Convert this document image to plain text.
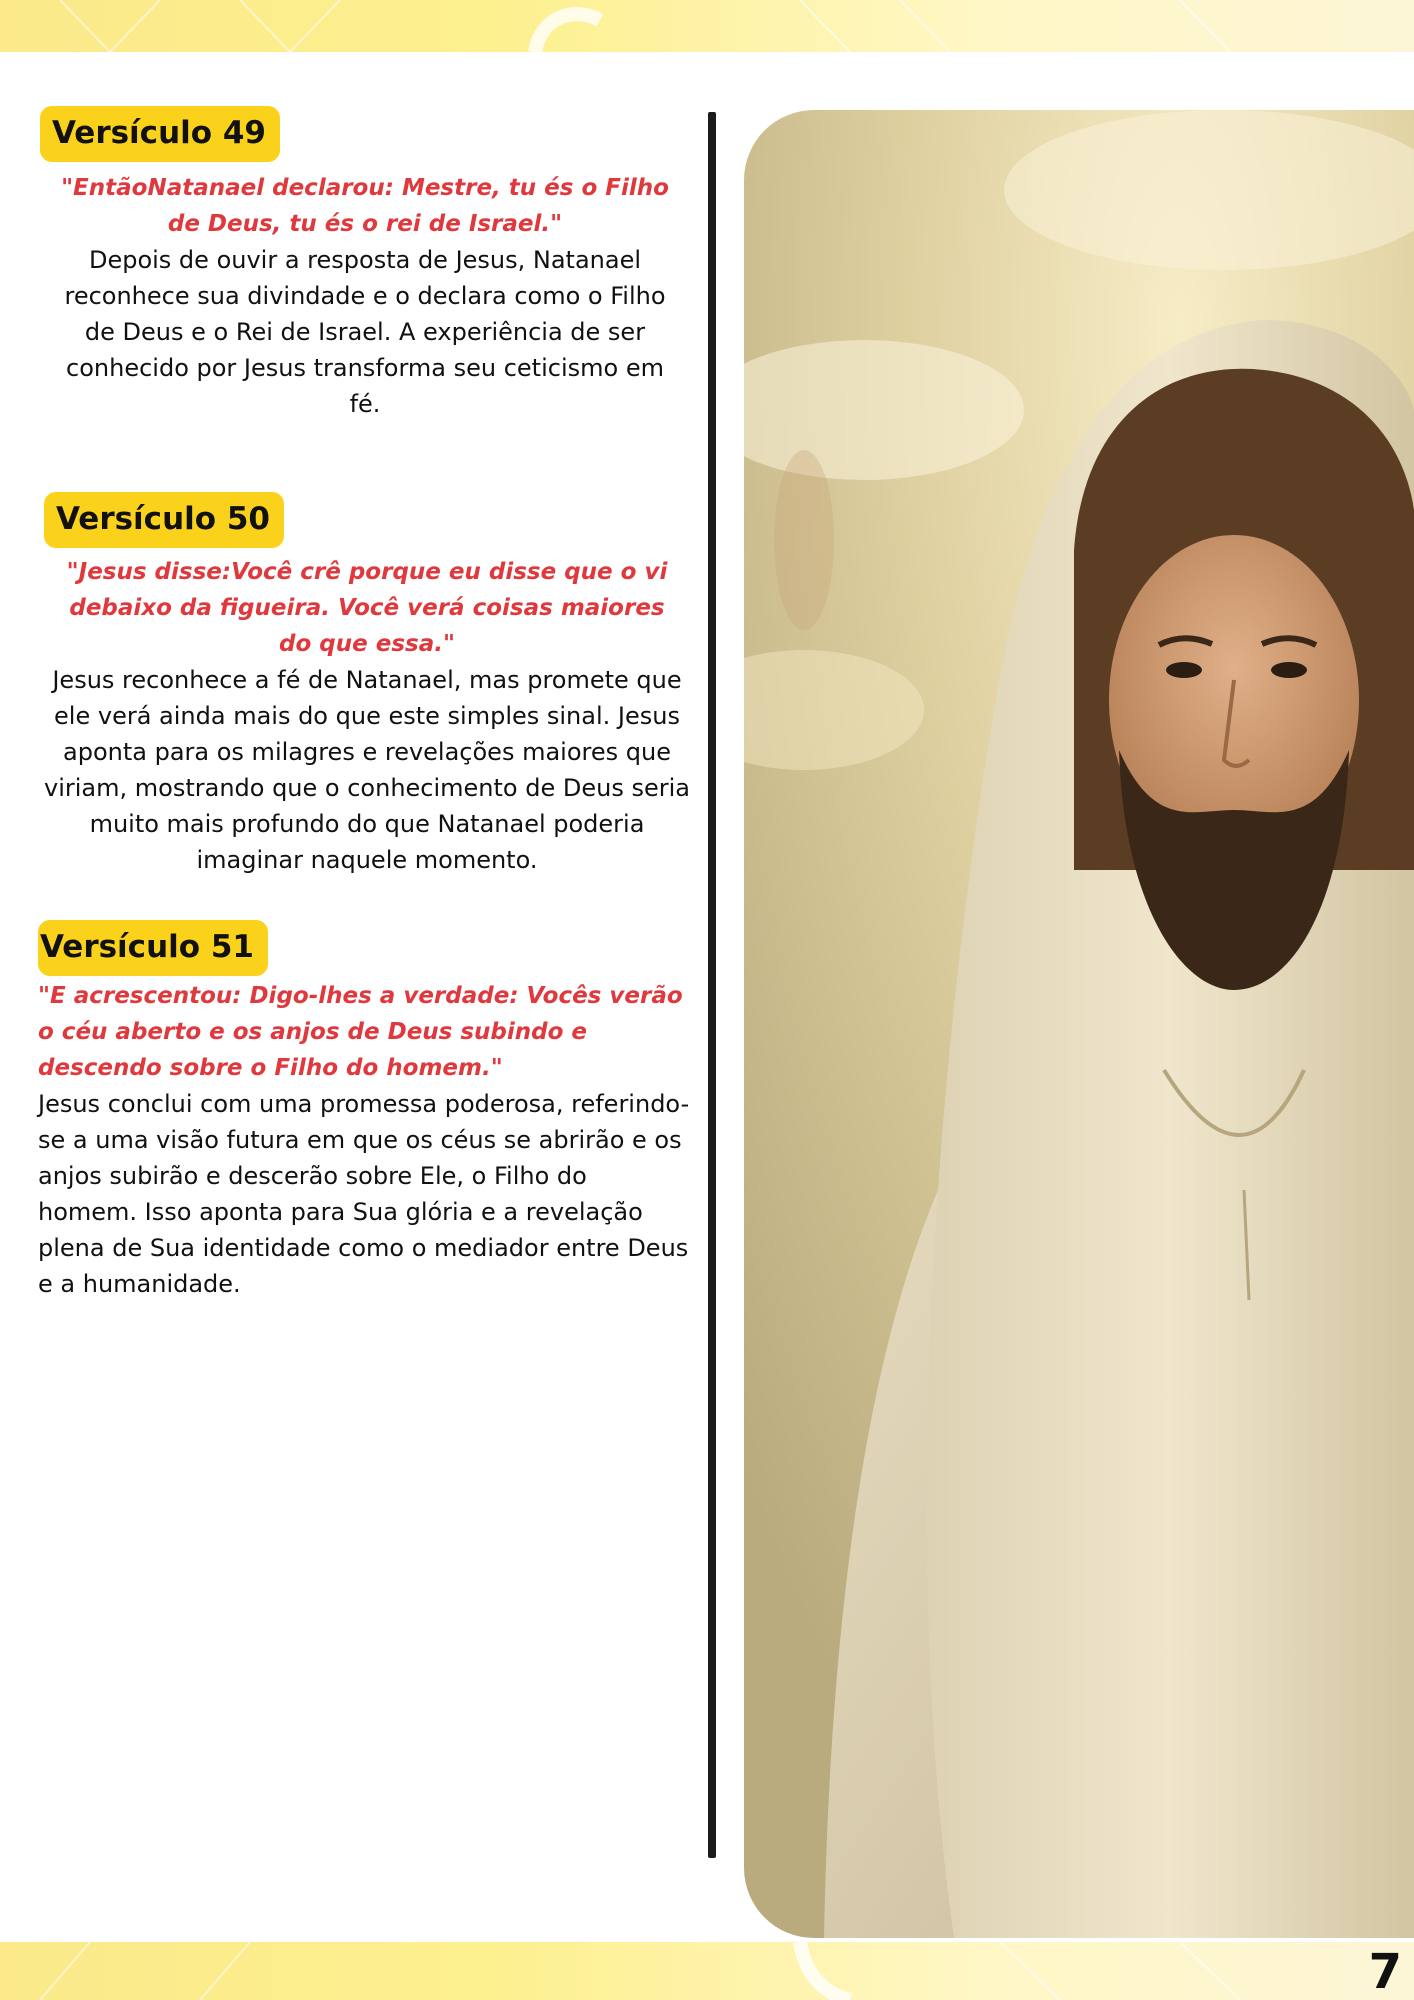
Versículo 49

"EntãoNatanael declarou: Mestre, tu és o Filho de Deus, tu és o rei de Israel."

Depois de ouvir a resposta de Jesus, Natanael reconhece sua divindade e o declara como o Filho de Deus e o Rei de Israel. A experiência de ser conhecido por Jesus transforma seu ceticismo em fé.

Versículo 50

"Jesus disse:Você crê porque eu disse que o vi debaixo da figueira. Você verá coisas maiores do que essa."

Jesus reconhece a fé de Natanael, mas promete que ele verá ainda mais do que este simples sinal. Jesus aponta para os milagres e revelações maiores que viriam, mostrando que o conhecimento de Deus seria muito mais profundo do que Natanael poderia imaginar naquele momento.

Versículo 51

"E acrescentou: Digo-lhes a verdade: Vocês verão o céu aberto e os anjos de Deus subindo e descendo sobre o Filho do homem."

Jesus conclui com uma promessa poderosa, referindo-se a uma visão futura em que os céus se abrirão e os anjos subirão e descerão sobre Ele, o Filho do homem. Isso aponta para Sua glória e a revelação plena de Sua identidade como o mediador entre Deus e a humanidade.

7
